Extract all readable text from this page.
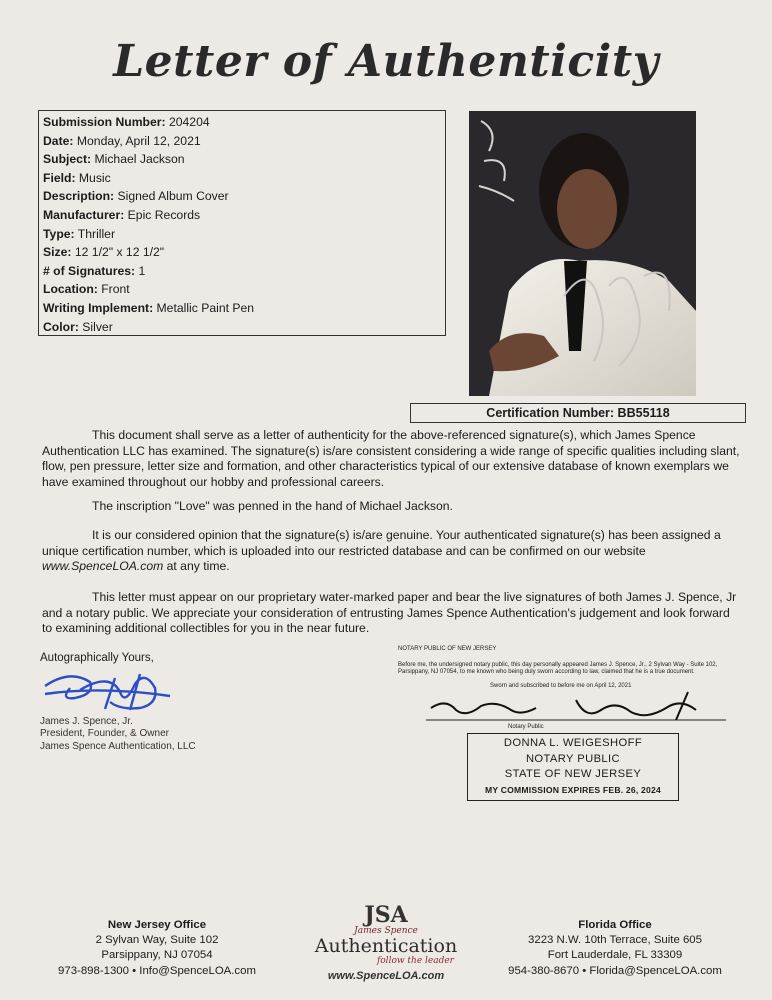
Letter of Authenticity
Submission Number: 204204
Date: Monday, April 12, 2021
Subject: Michael Jackson
Field: Music
Description: Signed Album Cover
Manufacturer: Epic Records
Type: Thriller
Size: 12 1/2" x 12 1/2"
# of Signatures: 1
Location: Front
Writing Implement: Metallic Paint Pen
Color: Silver
Certification Number: BB55118
This document shall serve as a letter of authenticity for the above-referenced signature(s), which James Spence Authentication LLC has examined. The signature(s) is/are consistent considering a wide range of specific qualities including slant, flow, pen pressure, letter size and formation, and other characteristics typical of our extensive database of known exemplars we have examined throughout our hobby and professional careers.
The inscription "Love" was penned in the hand of Michael Jackson.
It is our considered opinion that the signature(s) is/are genuine. Your authenticated signature(s) has been assigned a unique certification number, which is uploaded into our restricted database and can be confirmed on our website www.SpenceLOA.com at any time.
This letter must appear on our proprietary water-marked paper and bear the live signatures of both James J. Spence, Jr and a notary public. We appreciate your consideration of entrusting James Spence Authentication's judgement and look forward to examining additional collectibles for you in the near future.
Autographically Yours,
James J. Spence, Jr.
President, Founder, & Owner
James Spence Authentication, LLC
NOTARY PUBLIC OF NEW JERSEY
Before me, the undersigned notary public, this day personally appeared James J. Spence, Jr., 2 Sylvan Way - Suite 102, Parsippany, NJ 07054, to me known who being duly sworn according to law, claimed that he is a true document.
Sworn and subscribed to before me on April 12, 2021
Notary Public
DONNA L. WEIGESHOFF
NOTARY PUBLIC
STATE OF NEW JERSEY
MY COMMISSION EXPIRES FEB. 26, 2024
New Jersey Office
2 Sylvan Way, Suite 102
Parsippany, NJ 07054
973-898-1300 • Info@SpenceLOA.com
JSA
James Spence
Authentication
follow the leader
www.SpenceLOA.com
Florida Office
3223 N.W. 10th Terrace, Suite 605
Fort Lauderdale, FL 33309
954-380-8670 • Florida@SpenceLOA.com
